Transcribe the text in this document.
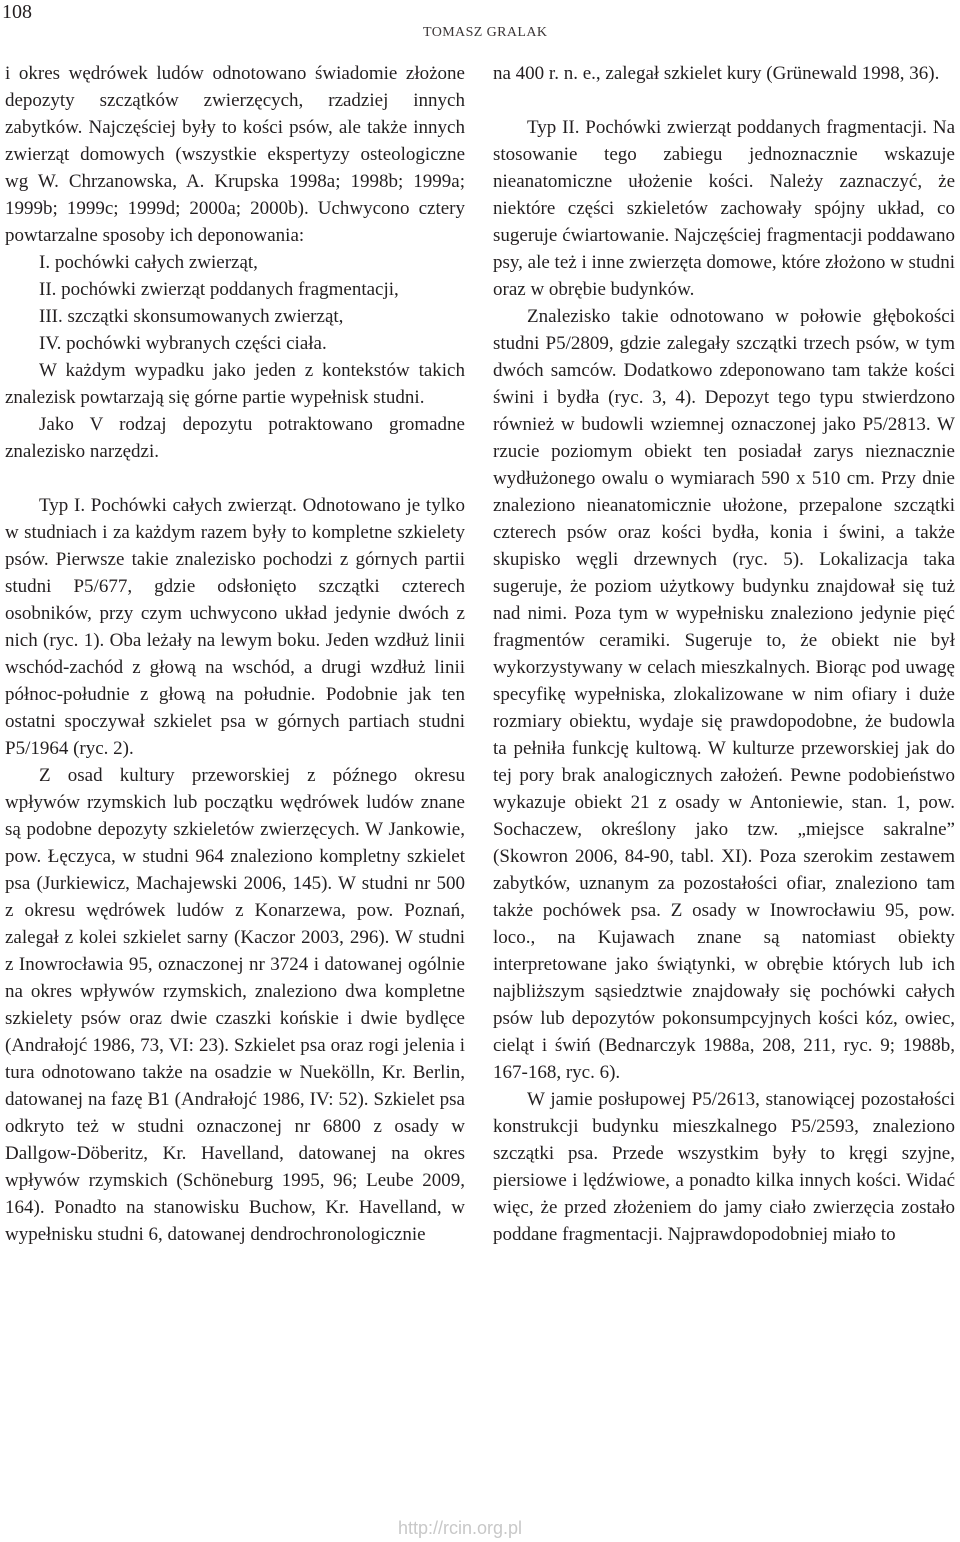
108
TOMASZ GRALAK

i okres wędrówek ludów odnotowano świadomie złożone depozyty szczątków zwierzęcych, rzadziej innych zabytków. Najczęściej były to kości psów, ale także innych zwierząt domowych (wszystkie ekspertyzy osteologiczne wg W. Chrzanowska, A. Krupska 1998a; 1998b; 1999a; 1999b; 1999c; 1999d; 2000a; 2000b). Uchwycono cztery powtarzalne sposoby ich deponowania:

I. pochówki całych zwierząt,

II. pochówki zwierząt poddanych fragmentacji,

III. szczątki skonsumowanych zwierząt,

IV. pochówki wybranych części ciała.

W każdym wypadku jako jeden z kontekstów takich znalezisk powtarzają się górne partie wypełnisk studni.

Jako V rodzaj depozytu potraktowano gromadne znalezisko narzędzi.

Typ I. Pochówki całych zwierząt. Odnotowano je tylko w studniach i za każdym razem były to kompletne szkielety psów. Pierwsze takie znalezisko pochodzi z górnych partii studni P5/677, gdzie odsłonięto szczątki czterech osobników, przy czym uchwycono układ jedynie dwóch z nich (ryc. 1). Oba leżały na lewym boku. Jeden wzdłuż linii wschód-zachód z głową na wschód, a drugi wzdłuż linii północ-południe z głową na południe. Podobnie jak ten ostatni spoczywał szkielet psa w górnych partiach studni P5/1964 (ryc. 2).

Z osad kultury przeworskiej z późnego okresu wpływów rzymskich lub początku wędrówek ludów znane są podobne depozyty szkieletów zwierzęcych. W Jankowie, pow. Łęczyca, w studni 964 znaleziono kompletny szkielet psa (Jurkiewicz, Machajewski 2006, 145). W studni nr 500 z okresu wędrówek ludów z Konarzewa, pow. Poznań, zalegał z kolei szkielet sarny (Kaczor 2003, 296). W studni z Inowrocławia 95, oznaczonej nr 3724 i datowanej ogólnie na okres wpływów rzymskich, znaleziono dwa kompletne szkielety psów oraz dwie czaszki końskie i dwie bydlęce (Andrałojć 1986, 73, VI: 23). Szkielet psa oraz rogi jelenia i tura odnotowano także na osadzie w Nuekölln, Kr. Berlin, datowanej na fazę B1 (Andrałojć 1986, IV: 52). Szkielet psa odkryto też w studni oznaczonej nr 6800 z osady w Dallgow-Döberitz, Kr. Havelland, datowanej na okres wpływów rzymskich (Schöneburg 1995, 96; Leube 2009, 164). Ponadto na stanowisku Buchow, Kr. Havelland, w wypełnisku studni 6, datowanej dendrochronologicznie

na 400 r. n. e., zalegał szkielet kury (Grünewald 1998, 36).

Typ II. Pochówki zwierząt poddanych fragmentacji. Na stosowanie tego zabiegu jednoznacznie wskazuje nieanatomiczne ułożenie kości. Należy zaznaczyć, że niektóre części szkieletów zachowały spójny układ, co sugeruje ćwiartowanie. Najczęściej fragmentacji poddawano psy, ale też i inne zwierzęta domowe, które złożono w studni oraz w obrębie budynków.

Znalezisko takie odnotowano w połowie głębokości studni P5/2809, gdzie zalegały szczątki trzech psów, w tym dwóch samców. Dodatkowo zdeponowano tam także kości świni i bydła (ryc. 3, 4). Depozyt tego typu stwierdzono również w budowli wziemnej oznaczonej jako P5/2813. W rzucie poziomym obiekt ten posiadał zarys nieznacznie wydłużonego owalu o wymiarach 590 x 510 cm. Przy dnie znaleziono nieanatomicznie ułożone, przepalone szczątki czterech psów oraz kości bydła, konia i świni, a także skupisko węgli drzewnych (ryc. 5). Lokalizacja taka sugeruje, że poziom użytkowy budynku znajdował się tuż nad nimi. Poza tym w wypełnisku znaleziono jedynie pięć fragmentów ceramiki. Sugeruje to, że obiekt nie był wykorzystywany w celach mieszkalnych. Biorąc pod uwagę specyfikę wypełniska, zlokalizowane w nim ofiary i duże rozmiary obiektu, wydaje się prawdopodobne, że budowla ta pełniła funkcję kultową. W kulturze przeworskiej jak do tej pory brak analogicznych założeń. Pewne podobieństwo wykazuje obiekt 21 z osady w Antoniewie, stan. 1, pow. Sochaczew, określony jako tzw. „miejsce sakralne” (Skowron 2006, 84-90, tabl. XI). Poza szerokim zestawem zabytków, uznanym za pozostałości ofiar, znaleziono tam także pochówek psa. Z osady w Inowrocławiu 95, pow. loco., na Kujawach znane są natomiast obiekty interpretowane jako świątynki, w obrębie których lub ich najbliższym sąsiedztwie znajdowały się pochówki całych psów lub depozytów pokonsumpcyjnych kości kóz, owiec, cieląt i świń (Bednarczyk 1988a, 208, 211, ryc. 9; 1988b, 167-168, ryc. 6).

W jamie posłupowej P5/2613, stanowiącej pozostałości konstrukcji budynku mieszkalnego P5/2593, znaleziono szczątki psa. Przede wszystkim były to kręgi szyjne, piersiowe i lędźwiowe, a ponadto kilka innych kości. Widać więc, że przed złożeniem do jamy ciało zwierzęcia zostało poddane fragmentacji. Najprawdopodobniej miało to

http://rcin.org.pl
